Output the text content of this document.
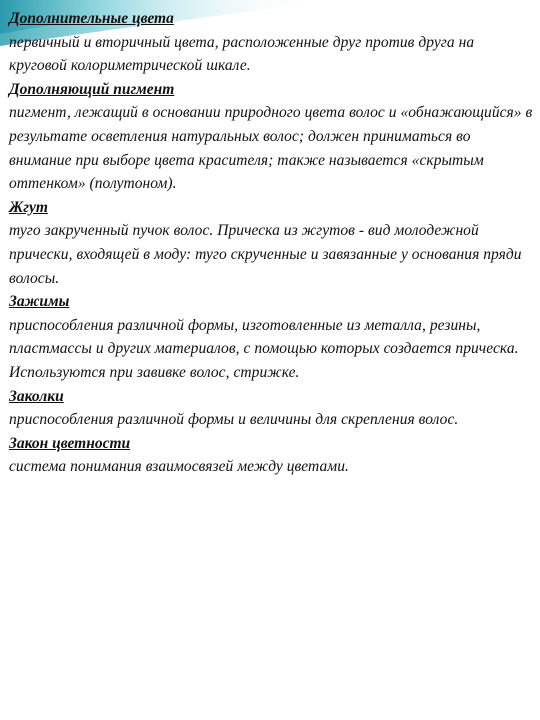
Дополнительные цвета
первичный и вторичный цвета, расположенные друг против друга на круговой колориметрической шкале.
Дополняющий пигмент
пигмент, лежащий в основании природного цвета волос и «обнажающийся» в результате осветления натуральных волос; должен приниматься во внимание при выборе цвета красителя; также называется «скрытым оттенком» (полутоном).
Жгут
туго закрученный пучок волос. Прическа из жгутов - вид молодежной прически, входящей в моду: туго скрученные и завязанные у основания пряди волосы.
Зажимы
приспособления различной формы, изготовленные из металла, резины, пластмассы и других материалов, с помощью которых создается прическа. Используются при завивке волос, стрижке.
Заколки
приспособления различной формы и величины для скрепления волос.
Закон цветности
система понимания взаимосвязей между цветами.
